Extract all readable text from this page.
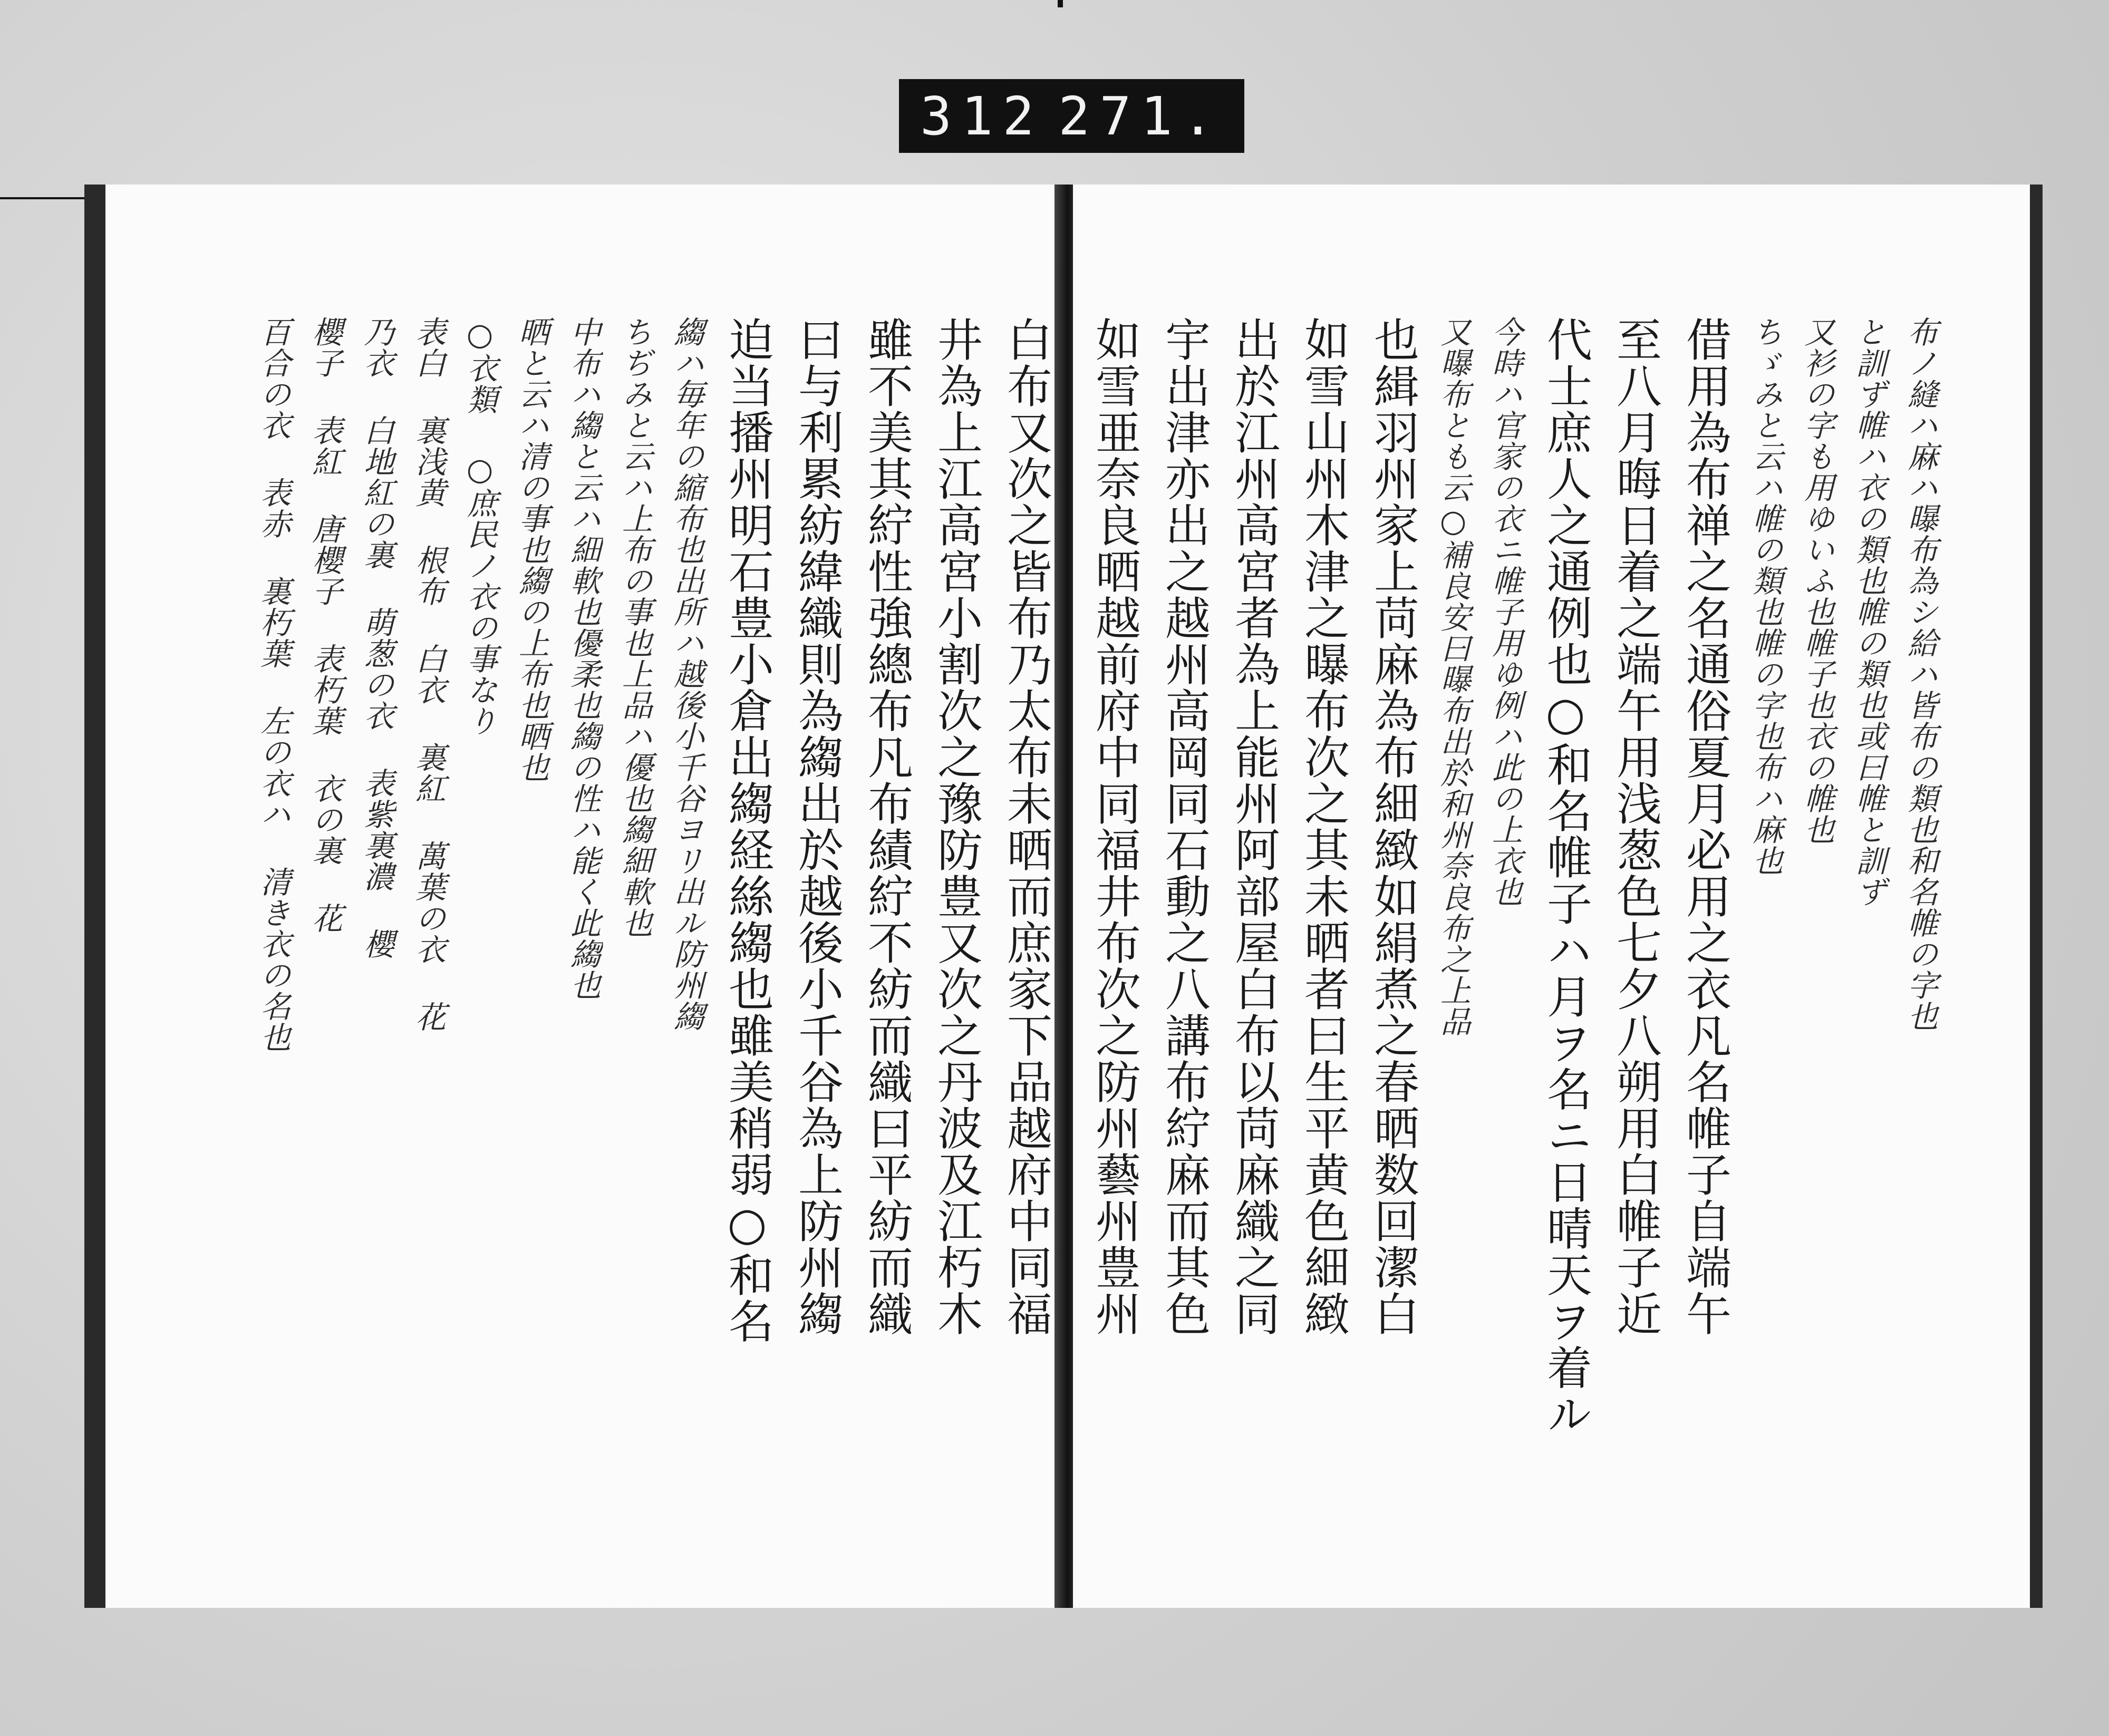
312 271.
白布又次之皆布乃太布未晒而庶家下品越府中同福
井為上江高宮小割次之豫防豊又次之丹波及江朽木
雖不美其紵性強總布凡布績紵不紡而織曰平紡而織
曰与利累紡緯織則為縐出於越後小千谷為上防州縐
迫当播州明石豊小倉出縐経絲縐也雖美稍弱○和名
縐ハ毎年の縮布也出所ハ越後小千谷ヨリ出ル防州縐
ちぢみと云ハ上布の事也上品ハ優也縐細軟也
中布ハ縐と云ハ細軟也優柔也縐の性ハ能く此縐也
晒と云ハ清の事也縐の上布也晒也
○衣類 ○庶民ノ衣の事なり
表白 裏浅黄 根布 白衣 裏紅 萬葉の衣 花
乃衣 白地紅の裏 萌葱の衣 表紫裏濃 櫻
櫻子 表紅 唐櫻子 表朽葉 衣の裏 花
百合の衣 表赤 裏朽葉 左の衣ハ 清き衣の名也	布ノ縫ハ麻ハ曝布為シ給ハ皆布の類也和名帷の字也
と訓ず帷ハ衣の類也帷の類也或曰帷と訓ず
又衫の字も用ゆいふ也帷子也衣の帷也
ちゞみと云ハ帷の類也帷の字也布ハ麻也
借用為布禅之名通俗夏月必用之衣凡名帷子自端午
至八月晦日着之端午用浅葱色七夕八朔用白帷子近
代士庶人之通例也○和名帷子ハ月ヲ名ニ日晴天ヲ着ル
今時ハ官家の衣ニ帷子用ゆ例ハ此の上衣也
又曝布とも云○補良安曰曝布出於和州奈良布之上品
也緝羽州家上苘麻為布細緻如絹煮之春晒数回潔白
如雪山州木津之曝布次之其未晒者曰生平黄色細緻
出於江州高宮者為上能州阿部屋白布以苘麻織之同
宇出津亦出之越州高岡同石動之八講布紵麻而其色
如雪亜奈良晒越前府中同福井布次之防州藝州豊州
